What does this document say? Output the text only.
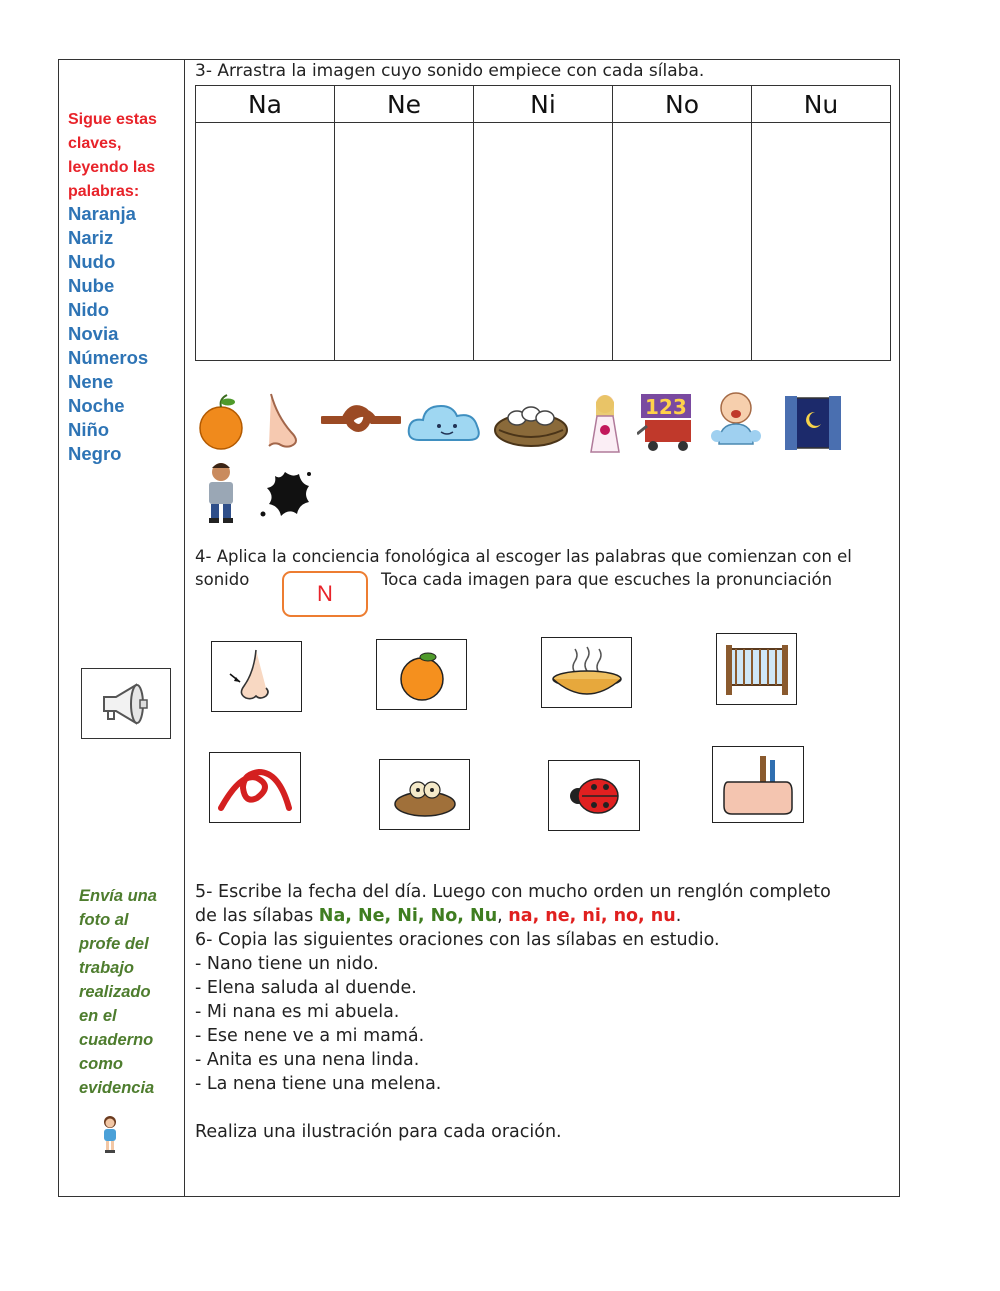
Sigue estas claves, leyendo las palabras:
Naranja
Nariz
Nudo
Nube
Nido
Novia
Números
Nene
Noche
Niño
Negro
Envía una foto al profe del trabajo realizado en el cuaderno como evidencia
3- Arrastra la imagen cuyo sonido empiece con cada sílaba.
Na	Ne	Ni	No	Nu

123
4- Aplica la conciencia fonológica al escoger las palabras que comienzan con el sonido	Toca cada imagen para que escuches la pronunciación
N

5- Escribe la fecha del día. Luego con mucho orden un renglón completo

de las sílabas Na, Ne, Ni, No, Nu, na, ne, ni, no, nu.

6- Copia las siguientes oraciones con las sílabas en estudio.

- Nano tiene un nido.

- Elena saluda al duende.

- Mi nana es mi abuela.

- Ese nene ve a mi mamá.

- Anita es una nena linda.

- La nena tiene una melena.

Realiza una ilustración para cada oración.
